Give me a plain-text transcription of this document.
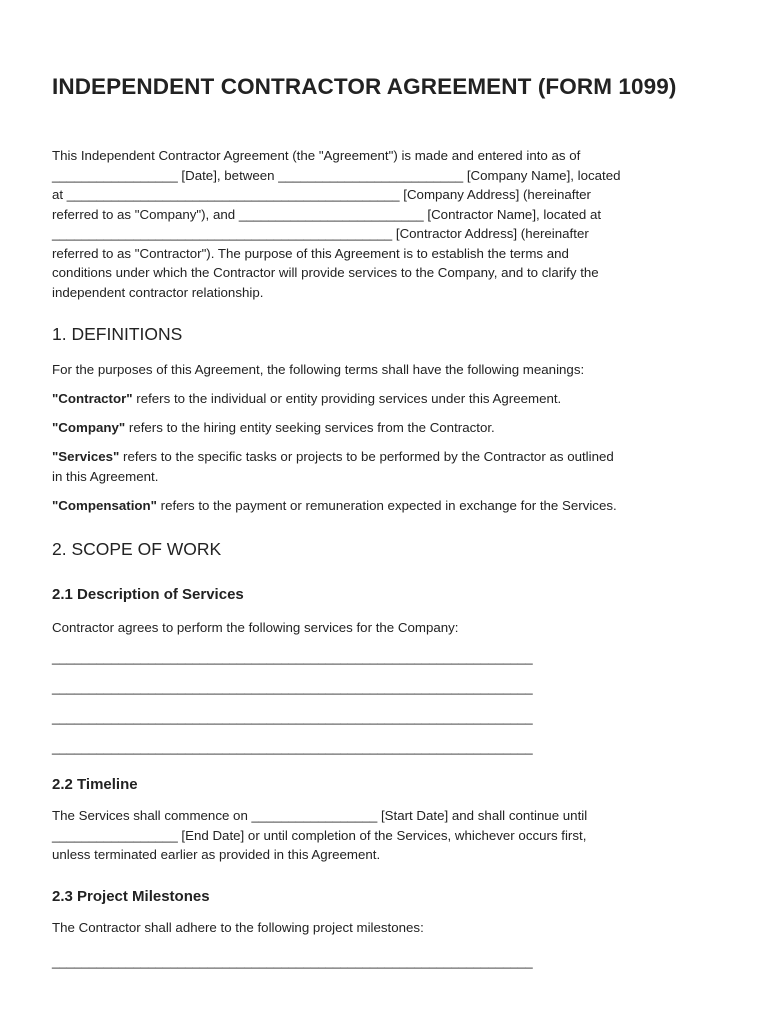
INDEPENDENT CONTRACTOR AGREEMENT (FORM 1099)

This Independent Contractor Agreement (the "Agreement") is made and entered into as of
_________________ [Date], between _________________________ [Company Name], located
at _____________________________________________ [Company Address] (hereinafter
referred to as "Company"), and _________________________ [Contractor Name], located at
______________________________________________ [Contractor Address] (hereinafter
referred to as "Contractor"). The purpose of this Agreement is to establish the terms and
conditions under which the Contractor will provide services to the Company, and to clarify the
independent contractor relationship.

1. DEFINITIONS

For the purposes of this Agreement, the following terms shall have the following meanings:

"Contractor" refers to the individual or entity providing services under this Agreement.

"Company" refers to the hiring entity seeking services from the Contractor.

"Services" refers to the specific tasks or projects to be performed by the Contractor as outlined
in this Agreement.

"Compensation" refers to the payment or remuneration expected in exchange for the Services.

2. SCOPE OF WORK
2.1 Description of Services

Contractor agrees to perform the following services for the Company:

_________________________________________________________________
_________________________________________________________________
_________________________________________________________________
_________________________________________________________________
2.2 Timeline

The Services shall commence on _________________ [Start Date] and shall continue until
_________________ [End Date] or until completion of the Services, whichever occurs first,
unless terminated earlier as provided in this Agreement.

2.3 Project Milestones

The Contractor shall adhere to the following project milestones:

_________________________________________________________________
